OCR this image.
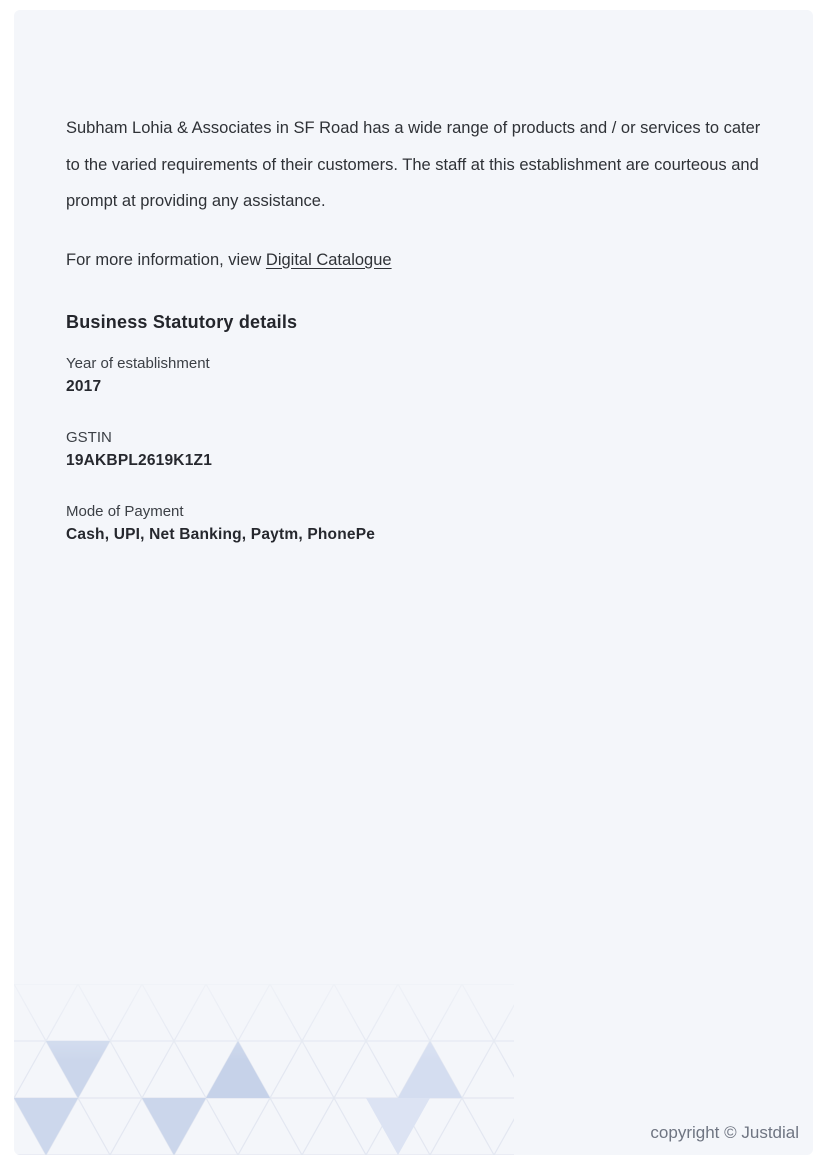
Subham Lohia & Associates in SF Road has a wide range of products and / or services to cater to the varied requirements of their customers. The staff at this establishment are courteous and prompt at providing any assistance.

For more information, view Digital Catalogue

Business Statutory details
Year of establishment
2017
GSTIN
19AKBPL2619K1Z1
Mode of Payment
Cash, UPI, Net Banking, Paytm, PhonePe
copyright © Justdial
